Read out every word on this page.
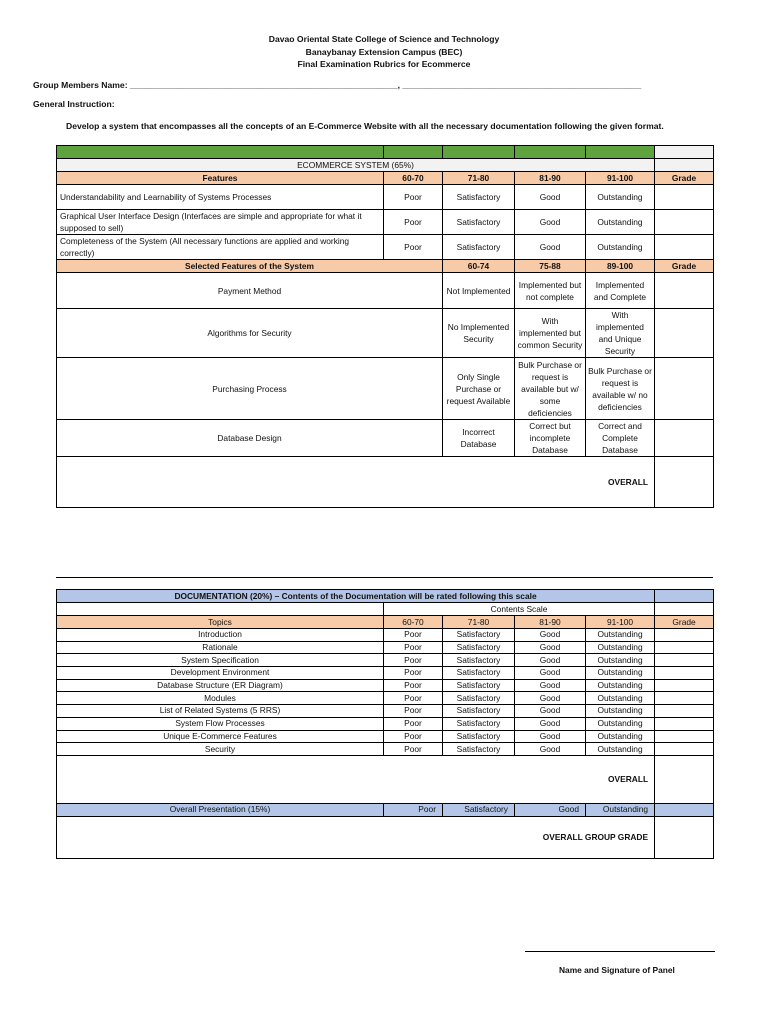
Davao Oriental State College of Science and Technology
Banaybanay Extension Campus (BEC)
Final Examination Rubrics for Ecommerce
Group Members Name: ________________________________________________________, __________________________________________________
General Instruction:
Develop a system that encompasses all the concepts of an E-Commerce Website with all the necessary documentation following the given format.

ECOMMERCE SYSTEM (65%)					
Features	60-70	71-80	81-90	91-100	Grade
Understandability and Learnability of Systems Processes	Poor	Satisfactory	Good	Outstanding	
Graphical User Interface Design (Interfaces are simple and appropriate for what it supposed to sell)	Poor	Satisfactory	Good	Outstanding	
Completeness of the System (All necessary functions are applied and working correctly)	Poor	Satisfactory	Good	Outstanding	
Selected Features of the System		60-74	75-88	89-100	Grade
Payment Method		Not Implemented	Implemented but not complete	Implemented and Complete	
Algorithms for Security		No Implemented Security	With implemented but common Security	With implemented and Unique Security	
Purchasing Process		Only Single Purchase or request Available	Bulk Purchase or request is available but w/ some deficiencies	Bulk Purchase or request is available w/ no deficiencies	
Database Design		Incorrect Database	Correct but incomplete Database	Correct and Complete Database	
OVERALL					
DOCUMENTATION (20%) – Contents of the Documentation will be rated following this scale					
	Contents Scale				
Topics	60-70	71-80	81-90	91-100	Grade
Introduction	Poor	Satisfactory	Good	Outstanding	
Rationale	Poor	Satisfactory	Good	Outstanding	
System Specification	Poor	Satisfactory	Good	Outstanding	
Development Environment	Poor	Satisfactory	Good	Outstanding	
Database Structure (ER Diagram)	Poor	Satisfactory	Good	Outstanding	
Modules	Poor	Satisfactory	Good	Outstanding	
List of Related Systems (5 RRS)	Poor	Satisfactory	Good	Outstanding	
System Flow Processes	Poor	Satisfactory	Good	Outstanding	
Unique E-Commerce Features	Poor	Satisfactory	Good	Outstanding	
Security	Poor	Satisfactory	Good	Outstanding	
OVERALL					
Overall Presentation (15%)	Poor	Satisfactory	Good	Outstanding	
OVERALL GROUP GRADE					
Name and Signature of Panel
